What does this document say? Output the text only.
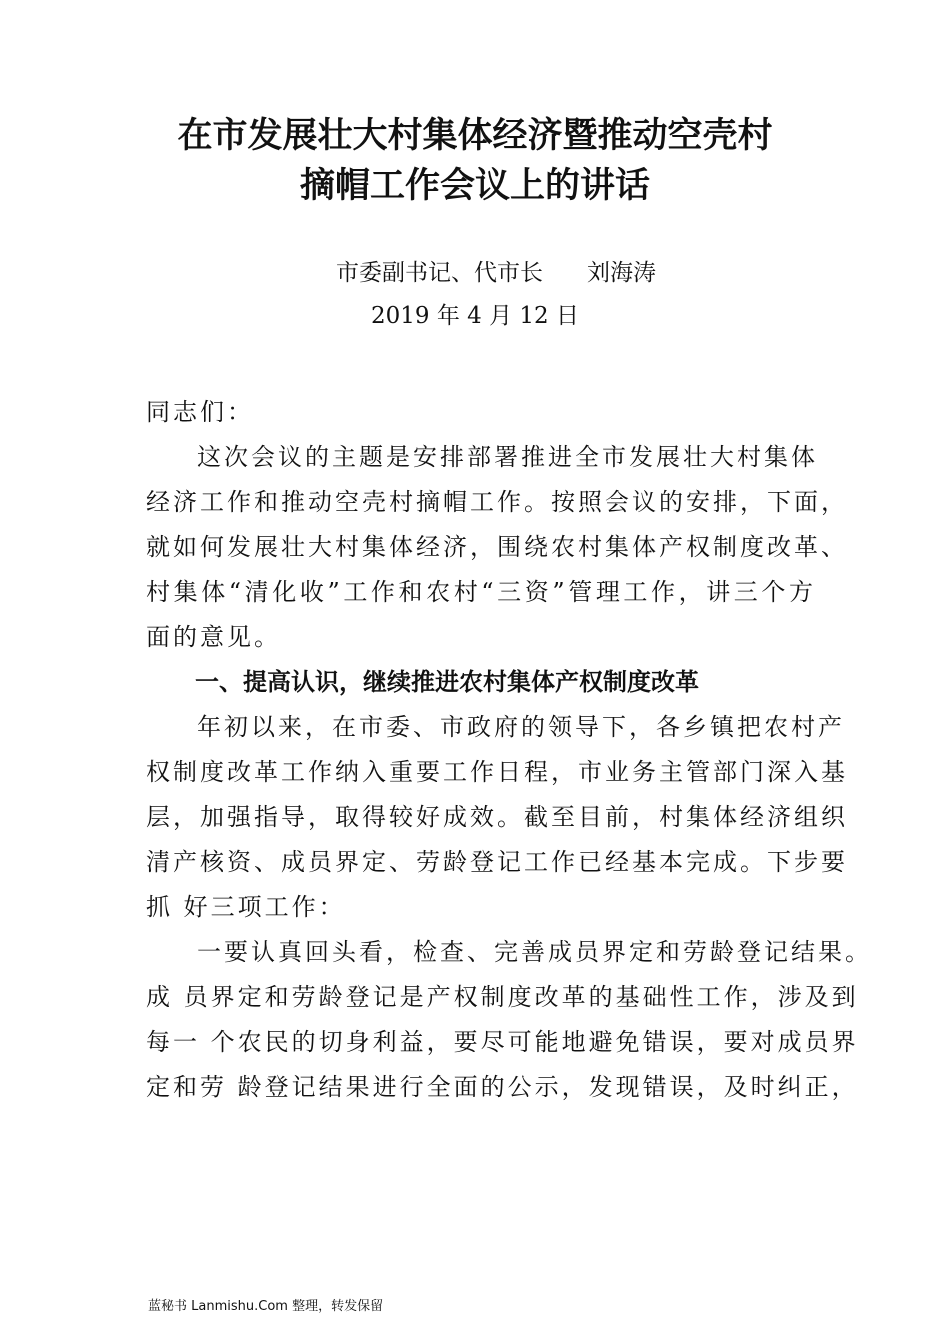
在市发展壮大村集体经济暨推动空壳村
摘帽工作会议上的讲话
市委副书记、代市长 刘海涛
2019 年 4 月 12 日
同志们：
这次会议的主题是安排部署推进全市发展壮大村集体
经济工作和推动空壳村摘帽工作。按照会议的安排，下面，
就如何发展壮大村集体经济，围绕农村集体产权制度改革、
村集体“清化收”工作和农村“三资”管理工作，讲三个方
面的意见。
一、提高认识，继续推进农村集体产权制度改革
年初以来，在市委、市政府的领导下，各乡镇把农村产
权制度改革工作纳入重要工作日程，市业务主管部门深入基
层，加强指导，取得较好成效。截至目前，村集体经济组织
清产核资、成员界定、劳龄登记工作已经基本完成。下步要
抓 好三项工作：
一要认真回头看，检查、完善成员界定和劳龄登记结果。
成 员界定和劳龄登记是产权制度改革的基础性工作，涉及到
每一 个农民的切身利益，要尽可能地避免错误，要对成员界
定和劳 龄登记结果进行全面的公示，发现错误，及时纠正，
蓝秘书 Lanmishu.Com 整理，转发保留
